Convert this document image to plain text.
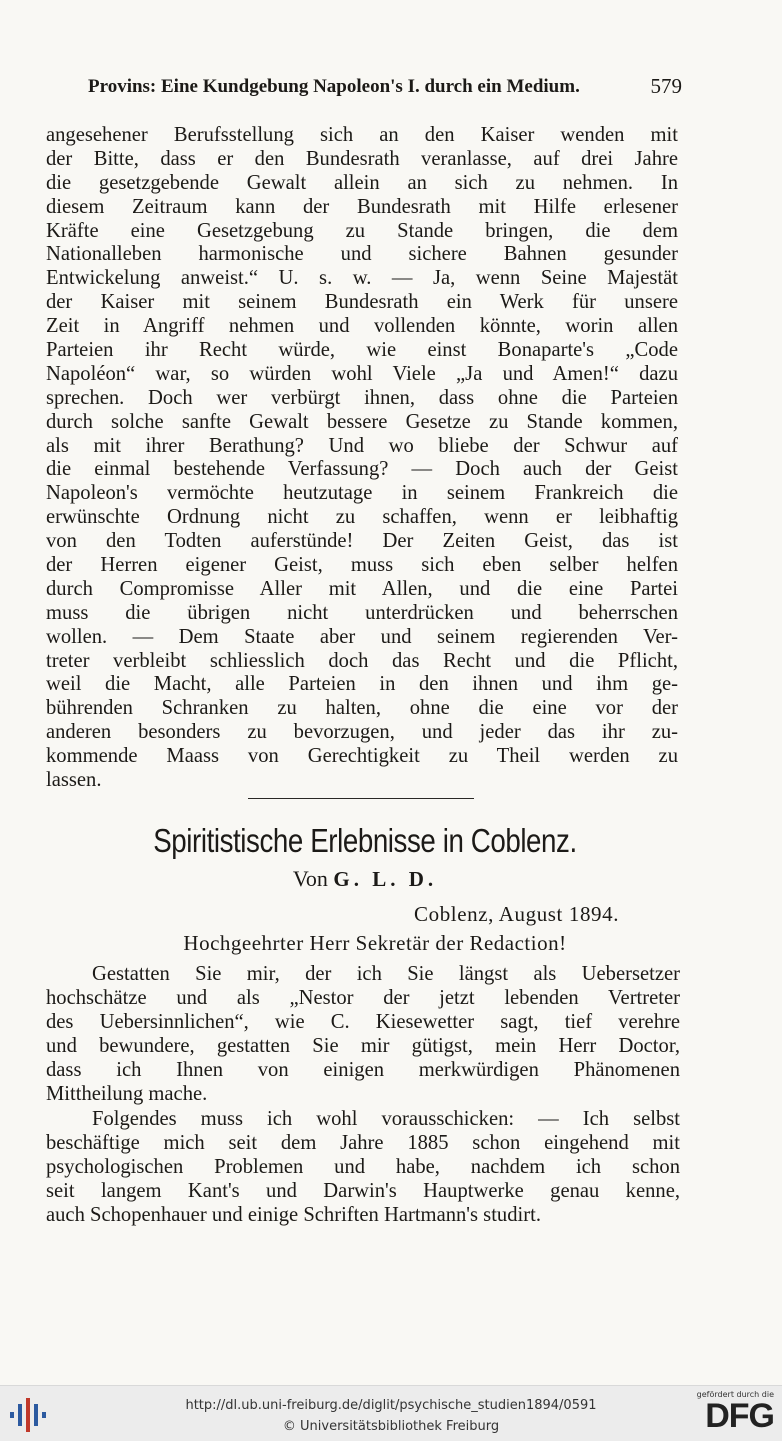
Provins: Eine Kundgebung Napoleon's I. durch ein Medium.	579
angesehener Berufsstellung sich an den Kaiser wenden mit
der Bitte, dass er den Bundesrath veranlasse, auf drei Jahre
die gesetzgebende Gewalt allein an sich zu nehmen. In
diesem Zeitraum kann der Bundesrath mit Hilfe erlesener
Kräfte eine Gesetzgebung zu Stande bringen, die dem
Nationalleben harmonische und sichere Bahnen gesunder
Entwickelung anweist.“ U. s. w. — Ja, wenn Seine Majestät
der Kaiser mit seinem Bundesrath ein Werk für unsere
Zeit in Angriff nehmen und vollenden könnte, worin allen
Parteien ihr Recht würde, wie einst Bonaparte's „Code
Napoléon“ war, so würden wohl Viele „Ja und Amen!“ dazu
sprechen. Doch wer verbürgt ihnen, dass ohne die Parteien
durch solche sanfte Gewalt bessere Gesetze zu Stande kommen,
als mit ihrer Berathung? Und wo bliebe der Schwur auf
die einmal bestehende Verfassung? — Doch auch der Geist
Napoleon's vermöchte heutzutage in seinem Frankreich die
erwünschte Ordnung nicht zu schaffen, wenn er leibhaftig
von den Todten auferstünde! Der Zeiten Geist, das ist
der Herren eigener Geist, muss sich eben selber helfen
durch Compromisse Aller mit Allen, und die eine Partei
muss die übrigen nicht unterdrücken und beherrschen
wollen. — Dem Staate aber und seinem regierenden Ver-
treter verbleibt schliesslich doch das Recht und die Pflicht,
weil die Macht, alle Parteien in den ihnen und ihm ge-
bührenden Schranken zu halten, ohne die eine vor der
anderen besonders zu bevorzugen, und jeder das ihr zu-
kommende Maass von Gerechtigkeit zu Theil werden zu
lassen.
Spiritistische Erlebnisse in Coblenz.
Von G. L. D.
Coblenz, August 1894.
Hochgeehrter Herr Sekretär der Redaction!
Gestatten Sie mir, der ich Sie längst als Uebersetzer
hochschätze und als „Nestor der jetzt lebenden Vertreter
des Uebersinnlichen“, wie C. Kiesewetter sagt, tief verehre
und bewundere, gestatten Sie mir gütigst, mein Herr Doctor,
dass ich Ihnen von einigen merkwürdigen Phänomenen
Mittheilung mache.
Folgendes muss ich wohl vorausschicken: — Ich selbst
beschäftige mich seit dem Jahre 1885 schon eingehend mit
psychologischen Problemen und habe, nachdem ich schon
seit langem Kant's und Darwin's Hauptwerke genau kenne,
auch Schopenhauer und einige Schriften Hartmann's studirt.
http://dl.ub.uni-freiburg.de/diglit/psychische_studien1894/0591
© Universitätsbibliothek Freiburg
gefördert durch die
DFG
